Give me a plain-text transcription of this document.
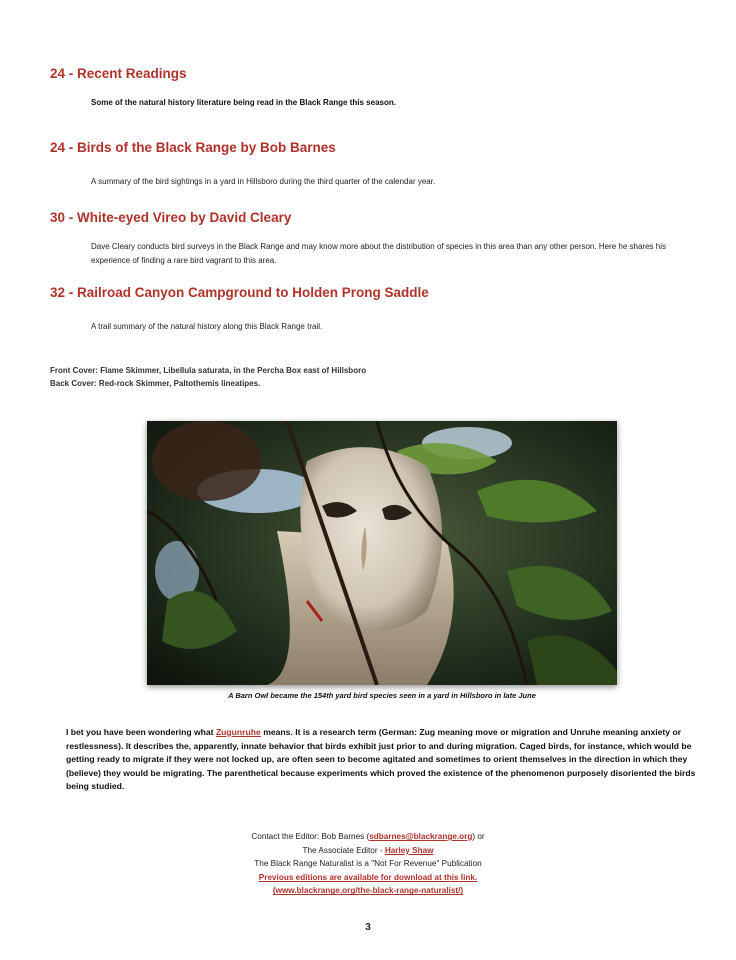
24 - Recent Readings
Some of the natural history literature being read in the Black Range this season.
24 - Birds of the Black Range by Bob Barnes
A summary of the bird sightings in a yard in Hillsboro during the third quarter of the calendar year.
30 - White-eyed Vireo by David Cleary
Dave Cleary conducts bird surveys in the Black Range and may know more about the distribution of species in this area than any other person. Here he shares his experience of finding a rare bird vagrant to this area.
32 - Railroad Canyon Campground to Holden Prong Saddle
A trail summary of the natural history along this Black Range trail.
Front Cover: Flame Skimmer, Libellula saturata, in the Percha Box east of Hillsboro
Back Cover: Red-rock Skimmer, Paltothemis lineatipes.
A Barn Owl became the 154th yard bird species seen in a yard in Hillsboro in late June
I bet you have been wondering what Zugunruhe means. It is a research term (German: Zug meaning move or migration and Unruhe meaning anxiety or restlessness). It describes the, apparently, innate behavior that birds exhibit just prior to and during migration. Caged birds, for instance, which would be getting ready to migrate if they were not locked up, are often seen to become agitated and sometimes to orient themselves in the direction in which they (believe) they would be migrating. The parenthetical because experiments which proved the existence of the phenomenon purposely disoriented the birds being studied.
Contact the Editor: Bob Barnes (sdbarnes@blackrange.org) or
The Associate Editor - Harley Shaw
The Black Range Naturalist is a "Not For Revenue" Publication
Previous editions are available for download at this link.
(www.blackrange.org/the-black-range-naturalist/)
3
